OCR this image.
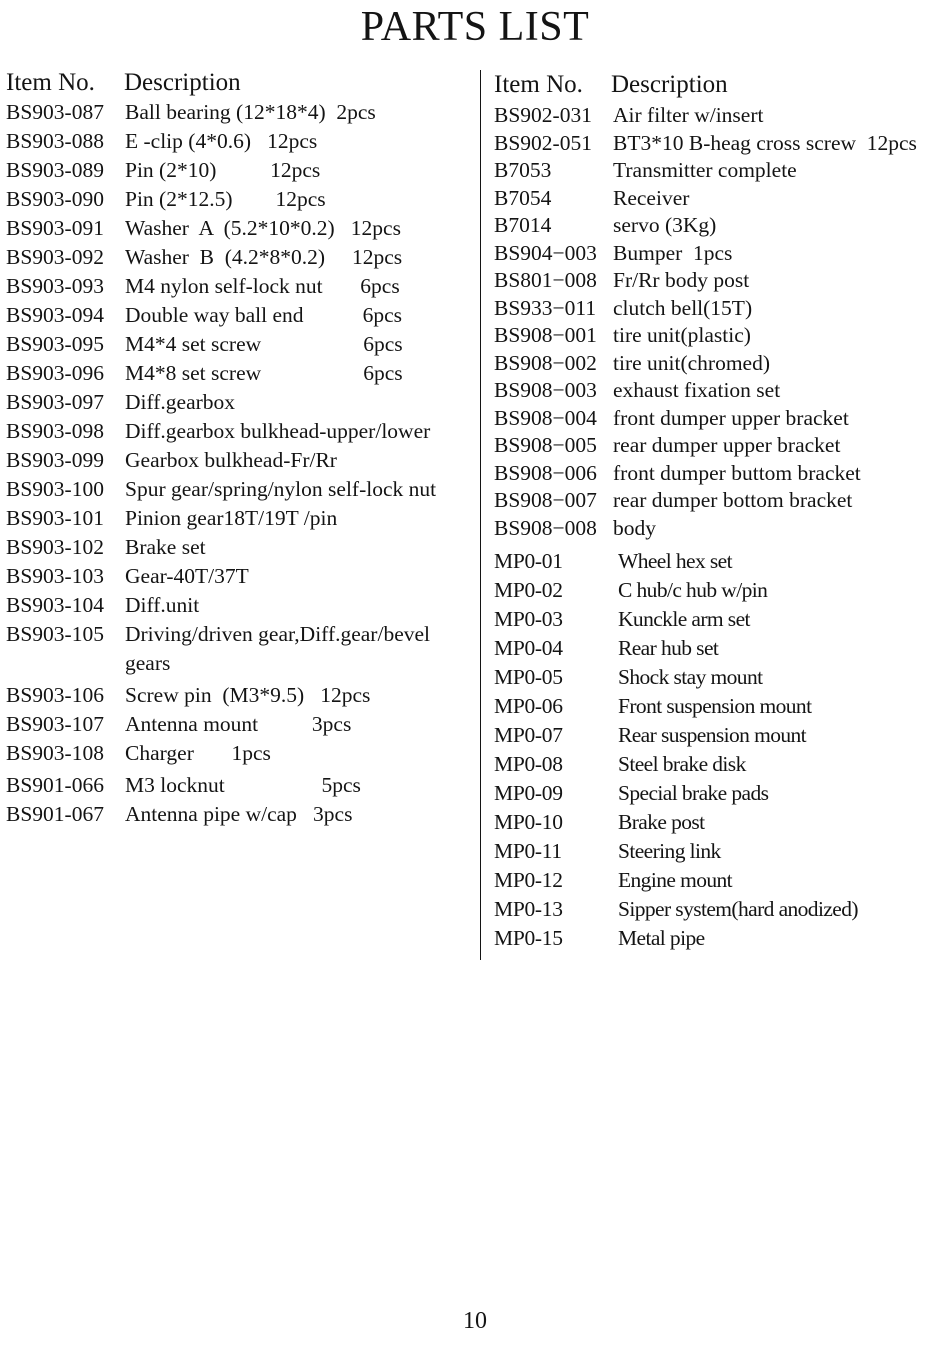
PARTS LIST
Item No.	Description
BS903-087 Ball bearing (12*18*4)  2pcs
BS903-088 E -clip (4*0.6)   12pcs
BS903-089 Pin (2*10)          12pcs
BS903-090 Pin (2*12.5)        12pcs
BS903-091 Washer  A  (5.2*10*0.2)   12pcs
BS903-092 Washer  B  (4.2*8*0.2)     12pcs
BS903-093 M4 nylon self-lock nut       6pcs
BS903-094 Double way ball end           6pcs
BS903-095 M4*4 set screw                   6pcs
BS903-096 M4*8 set screw                   6pcs
BS903-097 Diff.gearbox
BS903-098 Diff.gearbox bulkhead-upper/lower
BS903-099 Gearbox bulkhead-Fr/Rr
BS903-100 Spur gear/spring/nylon self-lock nut
BS903-101 Pinion gear18T/19T /pin
BS903-102 Brake set
BS903-103 Gear-40T/37T
BS903-104 Diff.unit
BS903-105 Driving/driven gear,Diff.gear/bevel gears
BS903-106 Screw pin  (M3*9.5)   12pcs
BS903-107 Antenna mount          3pcs
BS903-108 Charger       1pcs
BS901-066 M3 locknut                  5pcs
BS901-067 Antenna pipe w/cap   3pcs
Item No.	Description
BS902-031 Air filter w/insert
BS902-051 BT3*10 B-heag cross screw  12pcs
B7053	Transmitter complete
B7054	Receiver
B7014	servo (3Kg)
BS904−003 Bumper  1pcs
BS801−008 Fr/Rr body post
BS933−011 clutch bell(15T)
BS908−001 tire unit(plastic)
BS908−002 tire unit(chromed)
BS908−003 exhaust fixation set
BS908−004 front dumper upper bracket
BS908−005 rear dumper upper bracket
BS908−006 front dumper buttom bracket
BS908−007 rear dumper bottom bracket
BS908−008 body
MP0-01	Wheel hex set
MP0-02	C hub/c hub w/pin
MP0-03	Kunckle arm set
MP0-04	Rear hub set
MP0-05	Shock stay mount
MP0-06	Front suspension mount
MP0-07	Rear suspension mount
MP0-08	Steel brake disk
MP0-09	Special brake pads
MP0-10	Brake post
MP0-11	Steering link
MP0-12	Engine mount
MP0-13	Sipper system(hard anodized)
MP0-15	Metal pipe
10
